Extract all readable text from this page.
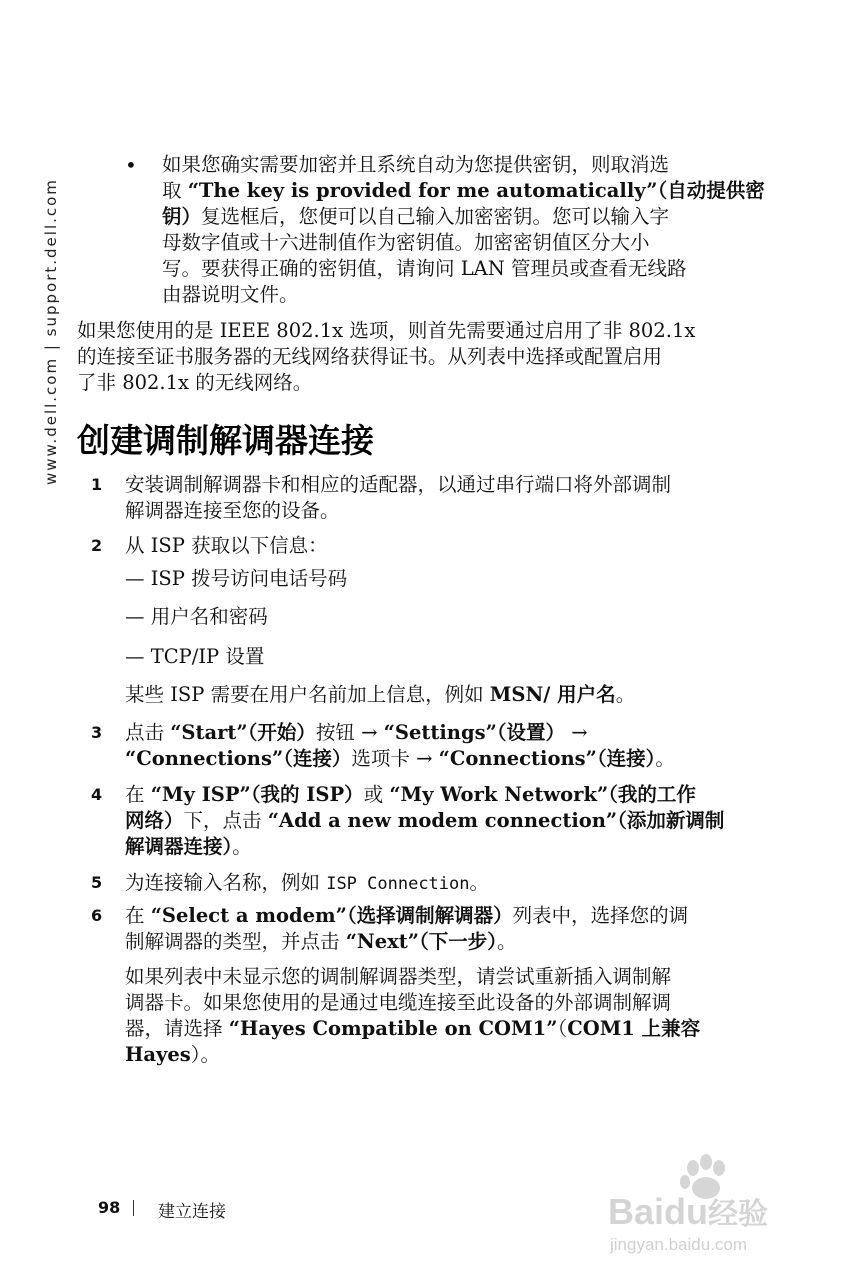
www.dell.com | support.dell.com
• 如果您确实需要加密并且系统自动为您提供密钥，则取消选

取 “The key is provided for me automatically”（自动提供密

钥）复选框后，您便可以自己输入加密密钥。您可以输入字

母数字值或十六进制值作为密钥值。加密密钥值区分大小

写。要获得正确的密钥值，请询问 LAN 管理员或查看无线路

由器说明文件。

如果您使用的是 IEEE 802.1x 选项，则首先需要通过启用了非 802.1x

的连接至证书服务器的无线网络获得证书。从列表中选择或配置启用

了非 802.1x 的无线网络。

创建调制解调器连接
1 安装调制解调器卡和相应的适配器，以通过串行端口将外部调制

解调器连接至您的设备。

2 从 ISP 获取以下信息：

— ISP 拨号访问电话号码

— 用户名和密码

— TCP/IP 设置

某些 ISP 需要在用户名前加上信息，例如 MSN/ 用户名。

3 点击 “Start”（开始）按钮 → “Settings”（设置） →

“Connections”（连接）选项卡 → “Connections”（连接）。

4 在 “My ISP”（我的 ISP）或 “My Work Network”（我的工作

网络）下，点击 “Add a new modem connection”（添加新调制

解调器连接）。

5 为连接输入名称，例如 ISP Connection。

6 在 “Select a modem”（选择调制解调器）列表中，选择您的调

制解调器的类型，并点击 “Next”（下一步）。

如果列表中未显示您的调制解调器类型，请尝试重新插入调制解

调器卡。如果您使用的是通过电缆连接至此设备的外部调制解调

器，请选择 “Hayes Compatible on COM1”（COM1 上兼容

Hayes）。

98 建立连接	Baidu经验
jingyan.baidu.com
